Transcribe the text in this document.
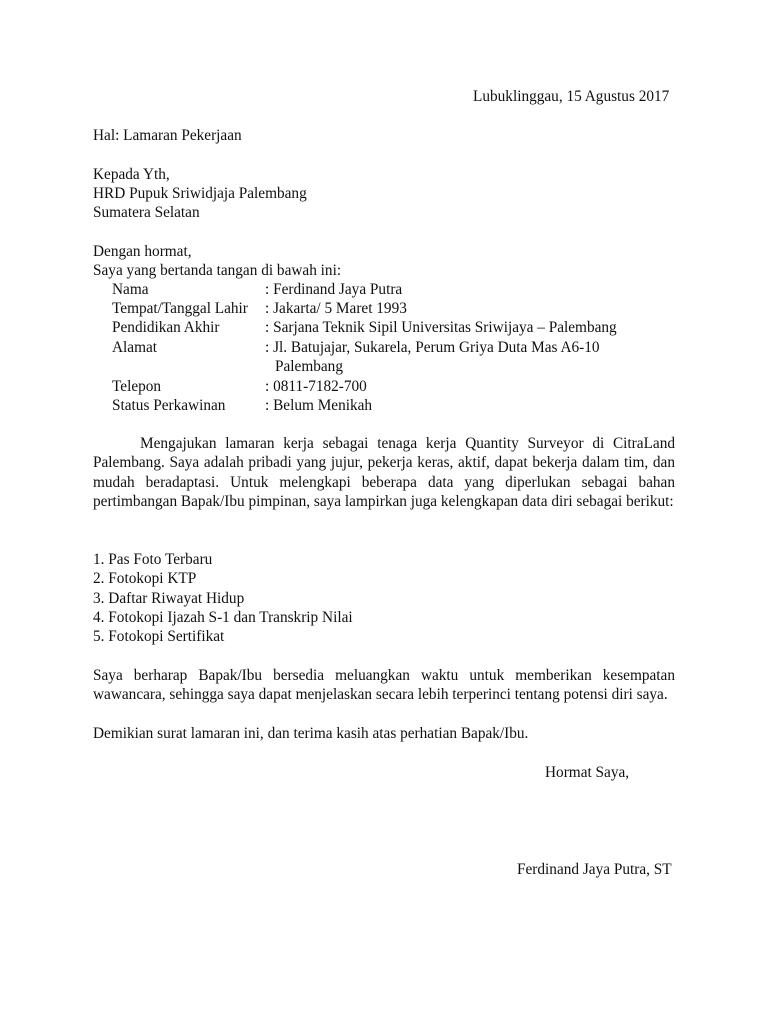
Lubuklinggau, 15 Agustus 2017
Hal: Lamaran Pekerjaan
Kepada Yth,
HRD Pupuk Sriwidjaja Palembang
Sumatera Selatan
Dengan hormat,
Saya yang bertanda tangan di bawah ini:
Nama	: Ferdinand Jaya Putra
Tempat/Tanggal Lahir : Jakarta/ 5 Maret 1993
Pendidikan Akhir	: Sarjana Teknik Sipil Universitas Sriwijaya – Palembang
Alamat	: Jl. Batujajar, Sukarela, Perum Griya Duta Mas A6-10
Palembang
Telepon	: 0811-7182-700
Status Perkawinan	: Belum Menikah
Mengajukan lamaran kerja sebagai tenaga kerja Quantity Surveyor di CitraLand Palembang. Saya adalah pribadi yang jujur, pekerja keras, aktif, dapat bekerja dalam tim, dan mudah beradaptasi. Untuk melengkapi beberapa data yang diperlukan sebagai bahan pertimbangan Bapak/Ibu pimpinan, saya lampirkan juga kelengkapan data diri sebagai berikut:
1. Pas Foto Terbaru
2. Fotokopi KTP
3. Daftar Riwayat Hidup
4. Fotokopi Ijazah S-1 dan Transkrip Nilai
5. Fotokopi Sertifikat
Saya berharap Bapak/Ibu bersedia meluangkan waktu untuk memberikan kesempatan wawancara, sehingga saya dapat menjelaskan secara lebih terperinci tentang potensi diri saya.
Demikian surat lamaran ini, dan terima kasih atas perhatian Bapak/Ibu.
Hormat Saya,
Ferdinand Jaya Putra, ST
